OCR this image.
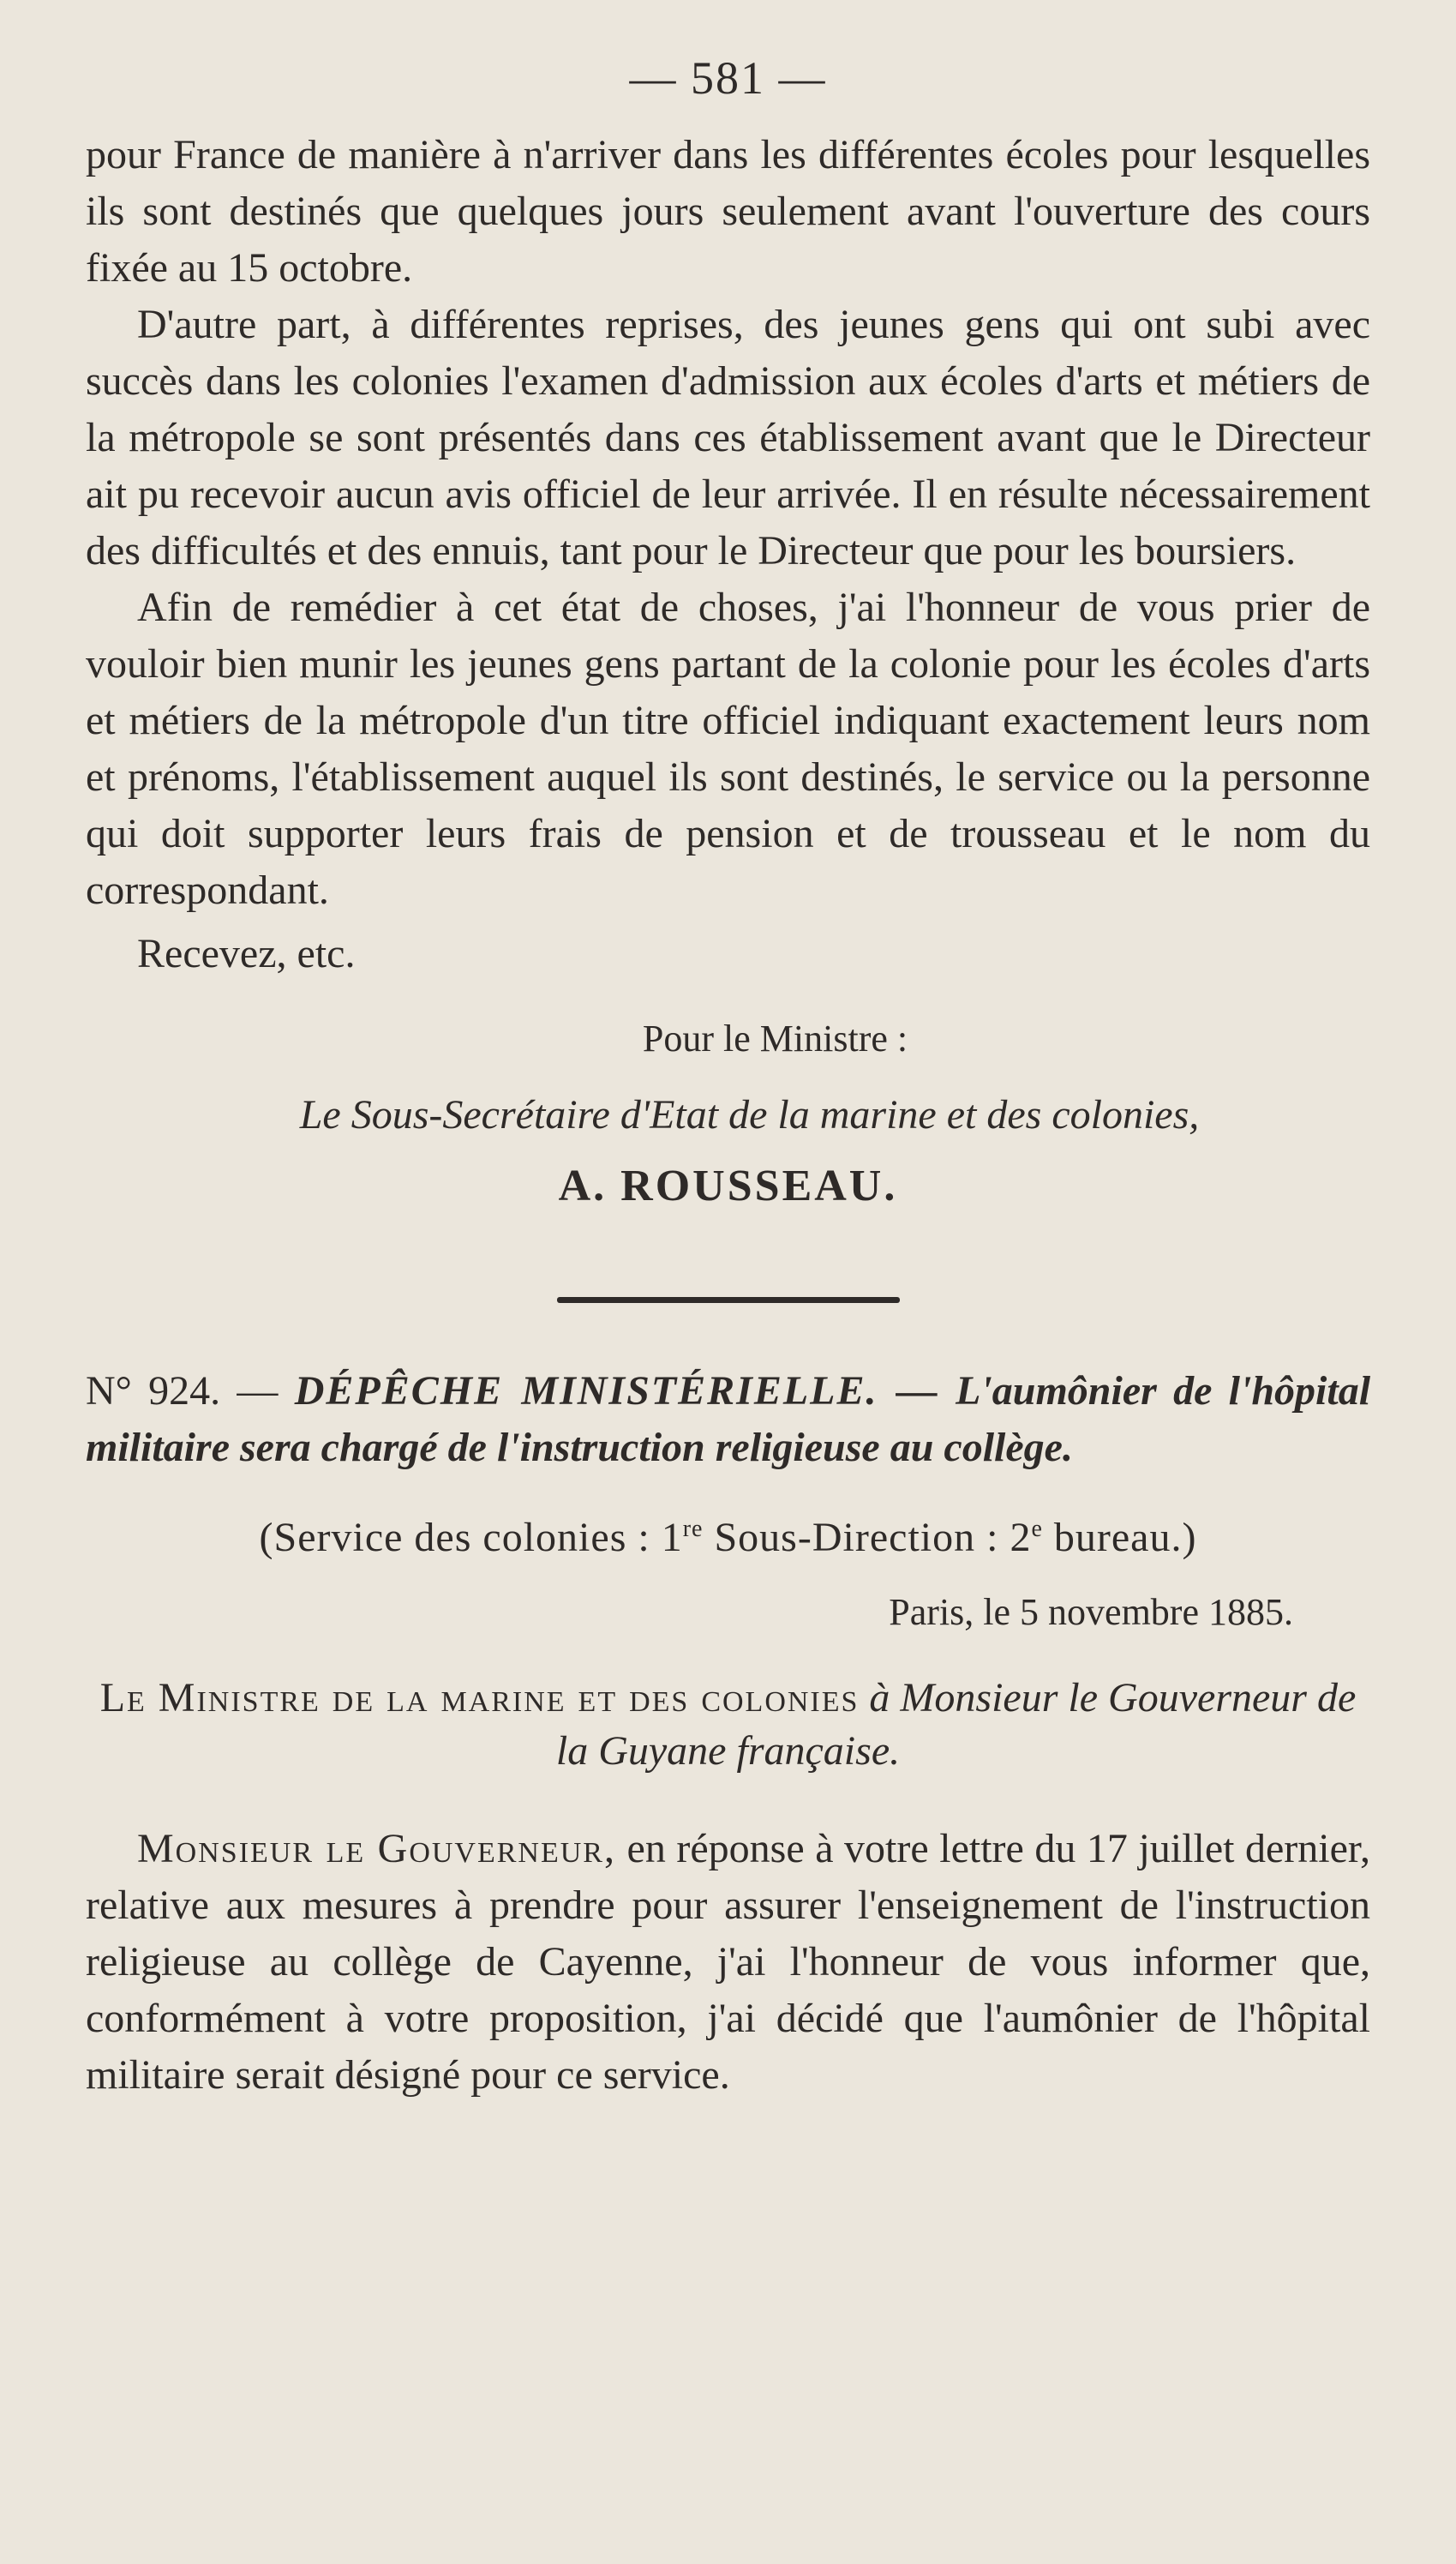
— 581 —

pour France de manière à n'arriver dans les différentes écoles pour lesquelles ils sont destinés que quelques jours seulement avant l'ouverture des cours fixée au 15 octobre.

D'autre part, à différentes reprises, des jeunes gens qui ont subi avec succès dans les colonies l'examen d'admission aux écoles d'arts et métiers de la métropole se sont présentés dans ces établissement avant que le Directeur ait pu recevoir aucun avis officiel de leur arrivée. Il en résulte nécessairement des difficultés et des ennuis, tant pour le Directeur que pour les boursiers.

Afin de remédier à cet état de choses, j'ai l'honneur de vous prier de vouloir bien munir les jeunes gens partant de la colonie pour les écoles d'arts et métiers de la métropole d'un titre officiel indiquant exactement leurs nom et prénoms, l'établissement auquel ils sont destinés, le service ou la personne qui doit supporter leurs frais de pension et de trousseau et le nom du correspondant.

Recevez, etc.

Pour le Ministre :
Le Sous-Secrétaire d'Etat de la marine et des colonies,
A. ROUSSEAU.

N° 924. — DÉPÊCHE MINISTÉRIELLE. — L'aumônier de l'hôpital militaire sera chargé de l'instruction religieuse au collège.

(Service des colonies : 1re Sous-Direction : 2e bureau.)
Paris, le 5 novembre 1885.
Le Ministre de la marine et des colonies à Monsieur le Gouverneur de la Guyane française.

Monsieur le Gouverneur, en réponse à votre lettre du 17 juillet dernier, relative aux mesures à prendre pour assurer l'enseignement de l'instruction religieuse au collège de Cayenne, j'ai l'honneur de vous informer que, conformément à votre proposition, j'ai décidé que l'aumônier de l'hôpital militaire serait désigné pour ce service.
